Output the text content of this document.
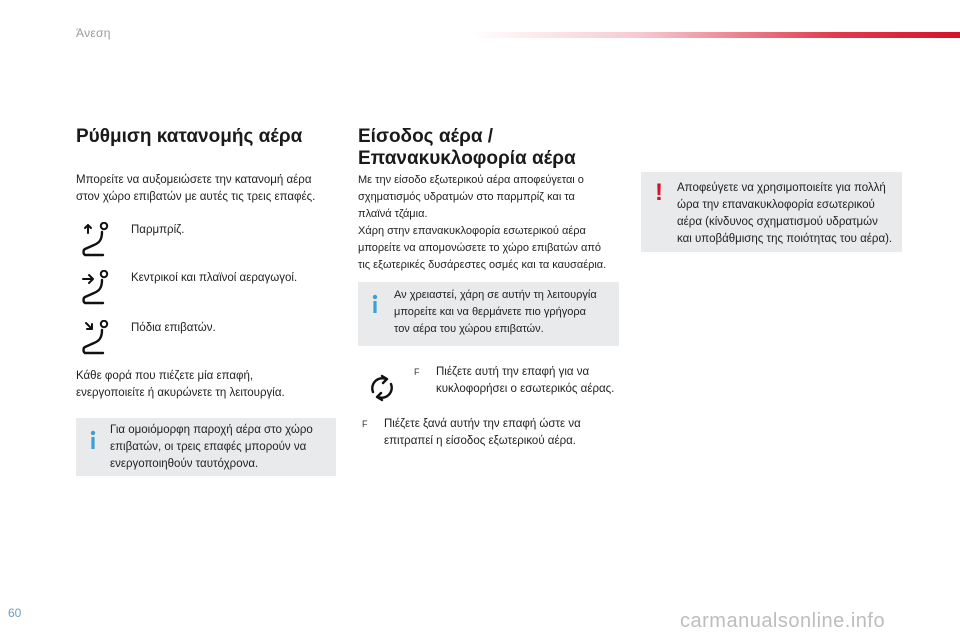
Άνεση
Ρύθμιση κατανομής αέρα
Μπορείτε να αυξομειώσετε την κατανομή αέρα
στον χώρο επιβατών με αυτές τις τρεις επαφές.
Παρμπρίζ.
Κεντρικοί και πλαϊνοί αεραγωγοί.
Πόδια επιβατών.
Κάθε φορά που πιέζετε μία επαφή,
ενεργοποιείτε ή ακυρώνετε τη λειτουργία.
Για ομοιόμορφη παροχή αέρα στο χώρο
επιβατών, οι τρεις επαφές μπορούν να
ενεργοποιηθούν ταυτόχρονα.
Είσοδος αέρα /
Επανακυκλοφορία αέρα
Με την είσοδο εξωτερικού αέρα αποφεύγεται ο
σχηματισμός υδρατμών στο παρμπρίζ και τα
πλαϊνά τζάμια.
Χάρη στην επανακυκλοφορία εσωτερικού αέρα
μπορείτε να απομονώσετε το χώρο επιβατών από
τις εξωτερικές δυσάρεστες οσμές και τα καυσαέρια.
Αν χρειαστεί, χάρη σε αυτήν τη λειτουργία
μπορείτε και να θερμάνετε πιο γρήγορα
τον αέρα του χώρου επιβατών.
F Πιέζετε αυτή την επαφή για να
κυκλοφορήσει ο εσωτερικός αέρας.
F Πιέζετε ξανά αυτήν την επαφή ώστε να
επιτραπεί η είσοδος εξωτερικού αέρα.
! Αποφεύγετε να χρησιμοποιείτε για πολλή
ώρα την επανακυκλοφορία εσωτερικού
αέρα (κίνδυνος σχηματισμού υδρατμών
και υποβάθμισης της ποιότητας του αέρα).
60	carmanualsonline.info
